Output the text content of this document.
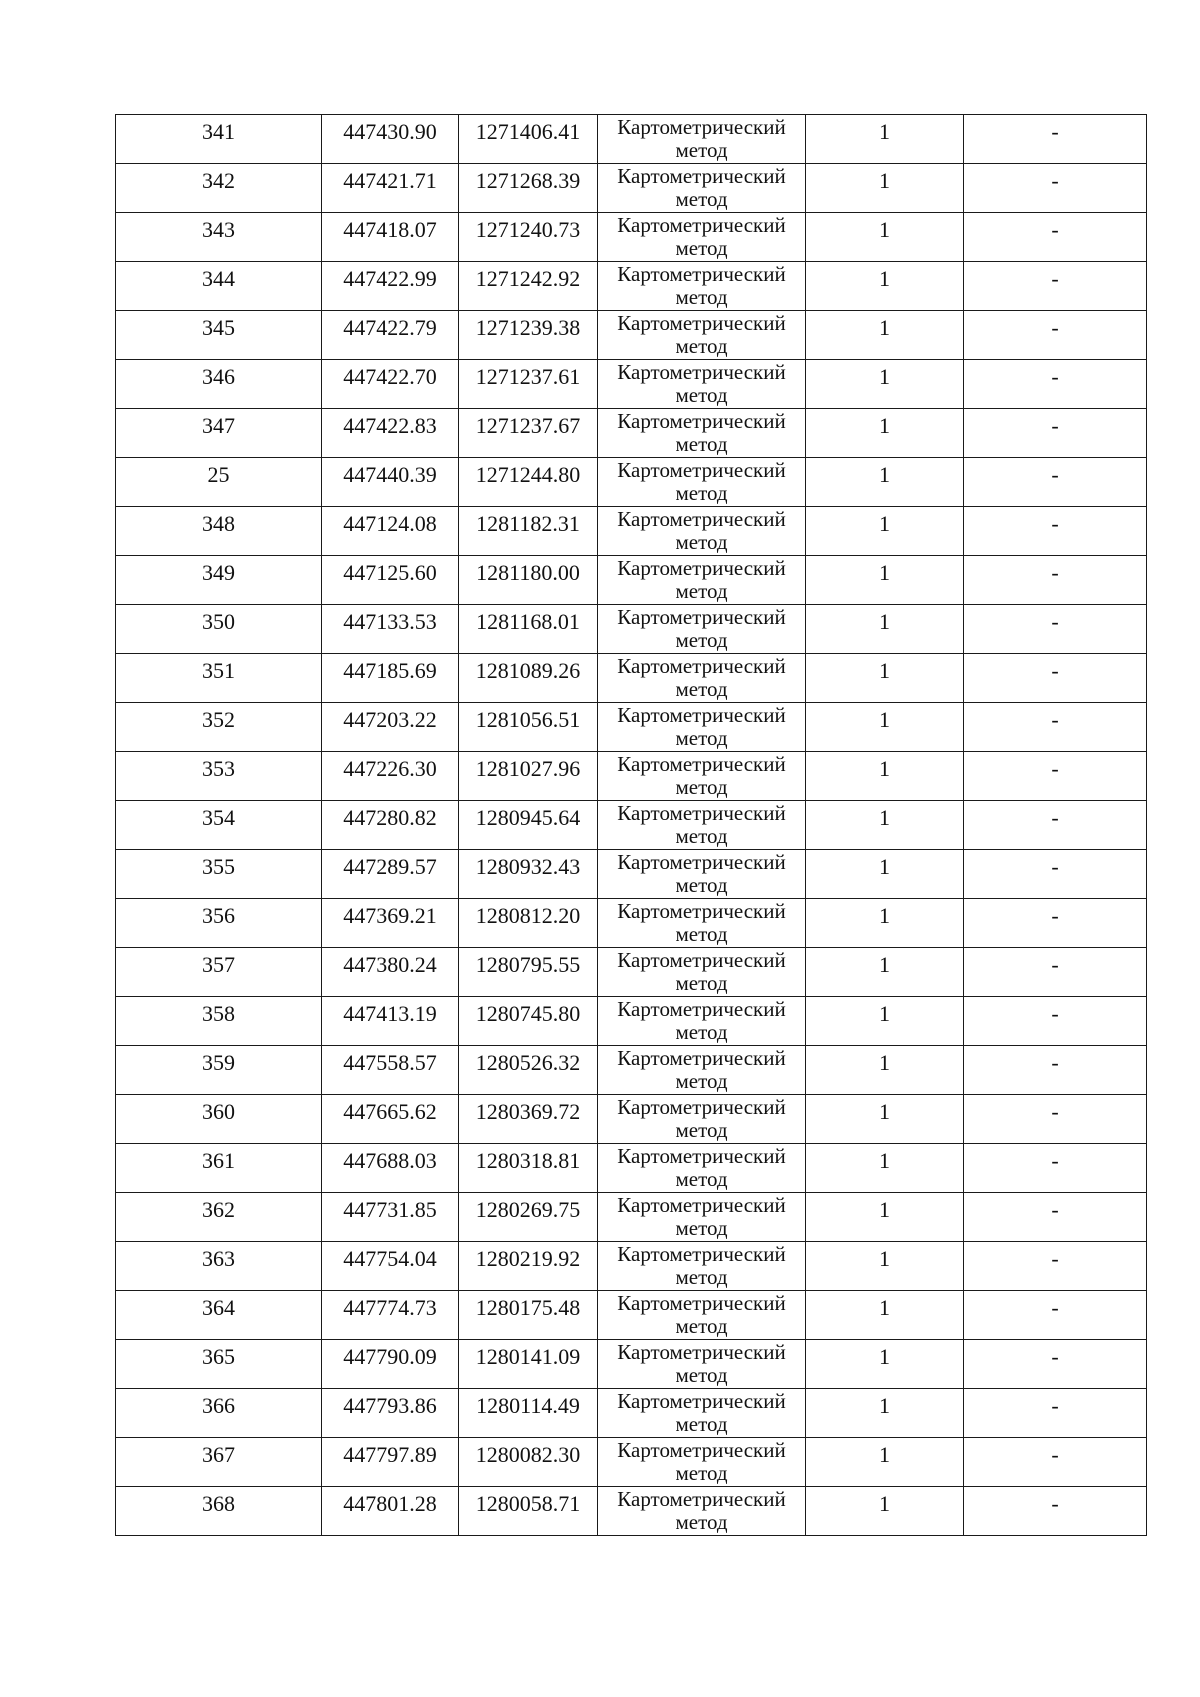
341	447430.90	1271406.41	Картометрический метод	1	-

342	447421.71	1271268.39	Картометрический метод	1	-

343	447418.07	1271240.73	Картометрический метод	1	-

344	447422.99	1271242.92	Картометрический метод	1	-

345	447422.79	1271239.38	Картометрический метод	1	-

346	447422.70	1271237.61	Картометрический метод	1	-

347	447422.83	1271237.67	Картометрический метод	1	-

25	447440.39	1271244.80	Картометрический метод	1	-

348	447124.08	1281182.31	Картометрический метод	1	-

349	447125.60	1281180.00	Картометрический метод	1	-

350	447133.53	1281168.01	Картометрический метод	1	-

351	447185.69	1281089.26	Картометрический метод	1	-

352	447203.22	1281056.51	Картометрический метод	1	-

353	447226.30	1281027.96	Картометрический метод	1	-

354	447280.82	1280945.64	Картометрический метод	1	-

355	447289.57	1280932.43	Картометрический метод	1	-

356	447369.21	1280812.20	Картометрический метод	1	-

357	447380.24	1280795.55	Картометрический метод	1	-

358	447413.19	1280745.80	Картометрический метод	1	-

359	447558.57	1280526.32	Картометрический метод	1	-

360	447665.62	1280369.72	Картометрический метод	1	-

361	447688.03	1280318.81	Картометрический метод	1	-

362	447731.85	1280269.75	Картометрический метод	1	-

363	447754.04	1280219.92	Картометрический метод	1	-

364	447774.73	1280175.48	Картометрический метод	1	-

365	447790.09	1280141.09	Картометрический метод	1	-

366	447793.86	1280114.49	Картометрический метод	1	-

367	447797.89	1280082.30	Картометрический метод	1	-

368	447801.28	1280058.71	Картометрический метод	1	-
